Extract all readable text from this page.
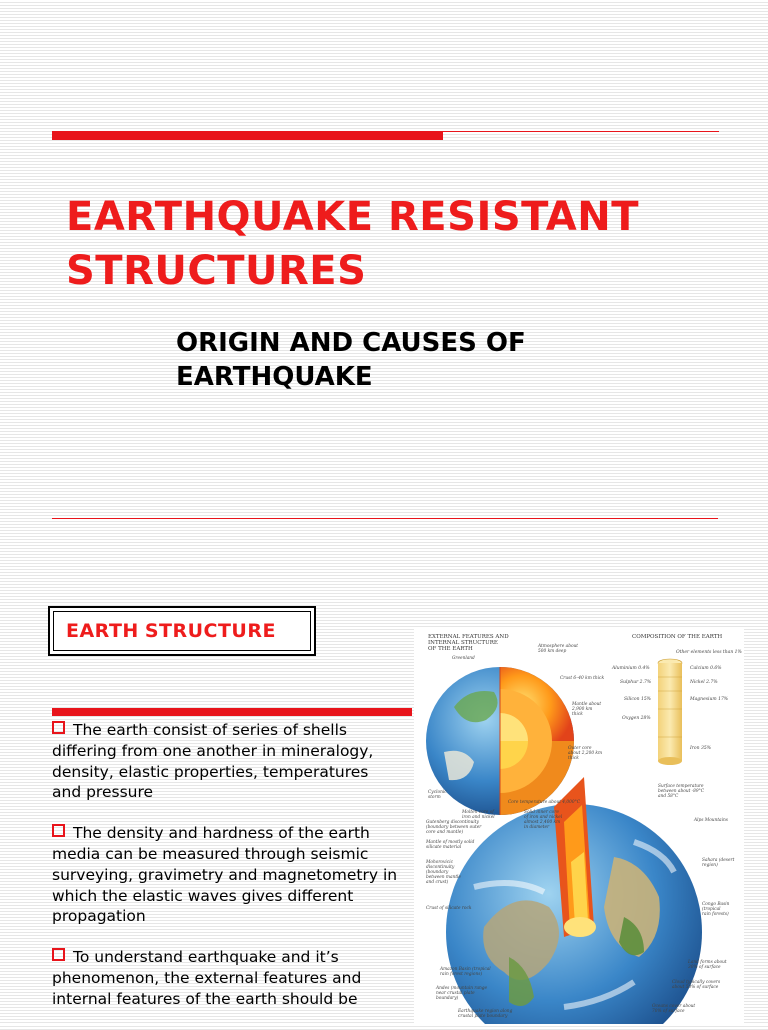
EARTHQUAKE RESISTANT STRUCTURES
ORIGIN AND CAUSES OF EARTHQUAKE
EARTH STRUCTURE
The earth consist of series of shells differing from one another in mineralogy, density, elastic properties, temperatures and pressure
The density and hardness of the earth media can be measured through seismic surveying, gravimetry and magnetometry in which the elastic waves gives different propagation
To understand earthquake and it’s phenomenon, the external features and internal features of the earth should be
EXTERNAL FEATURES AND
INTERNAL STRUCTURE
OF THE EARTH
COMPOSITION OF THE EARTH
Other elements less than 1%
Aluminium 0.4%	Calcium 0.6%
Sulphur 2.7%	Nickel 2.7%
Silicon 15%	Magnesium 17%
Oxygen 28%
Iron 35%
Atmosphere about
500 km deep
Greenland
Crust 6–40 km thick
Mantle about
2,900 km
thick
Outer core
about 2,200 km
thick
Cyclonic
storm
Core temperature about 4,000°C
Molten core of
iron and nickel
Solid inner core
of iron and nickel
almost 2,400 km
in diameter
Gutenberg discontinuity
(boundary between outer
core and mantle)
Mantle of mostly solid
silicate material
Mohorovicic
discontinuity
(boundary
between mantle
and crust)
Crust of silicate rock
Amazon Basin (tropical
rain forest regions)
Andes (mountain range
near crustal plate
boundary)
Earthquake region along
crustal plate boundary
Surface temperature
between about -89°C
and 58°C
Alps Mountains
Sahara (desert
region)
Congo Basin
(tropical
rain forests)
Land forms about
30% of surface
Cloud typically covers
about 50% of surface
Oceans cover about
70% of surface
